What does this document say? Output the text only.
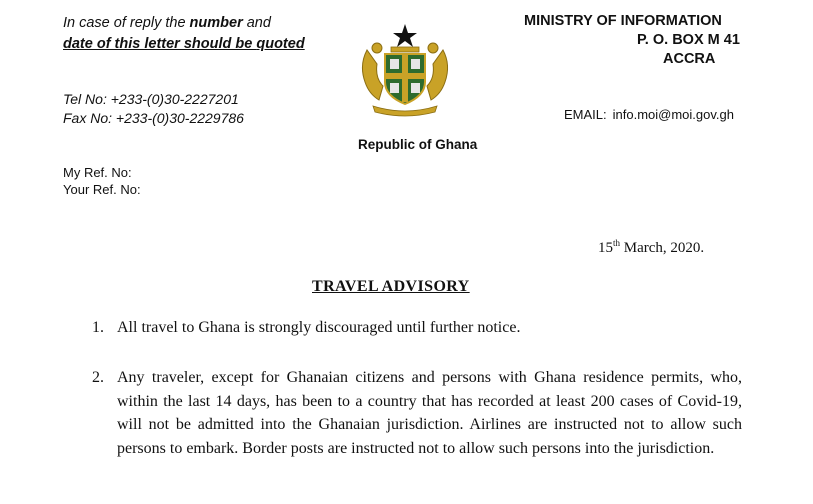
In case of reply the number and
date of this letter should be quoted
MINISTRY OF INFORMATION
P. O. BOX M 41
ACCRA
Tel No: +233-(0)30-2227201
Fax No: +233-(0)30-2229786	EMAIL: info.moi@moi.gov.gh
Republic of Ghana
My Ref. No:
Your Ref. No:
15th March, 2020.
TRAVEL ADVISORY
1. All travel to Ghana is strongly discouraged until further notice.
2. Any traveler, except for Ghanaian citizens and persons with Ghana residence permits, who, within the last 14 days, has been to a country that has recorded at least 200 cases of Covid-19, will not be admitted into the Ghanaian jurisdiction. Airlines are instructed not to allow such persons to embark. Border posts are instructed not to allow such persons into the jurisdiction.
